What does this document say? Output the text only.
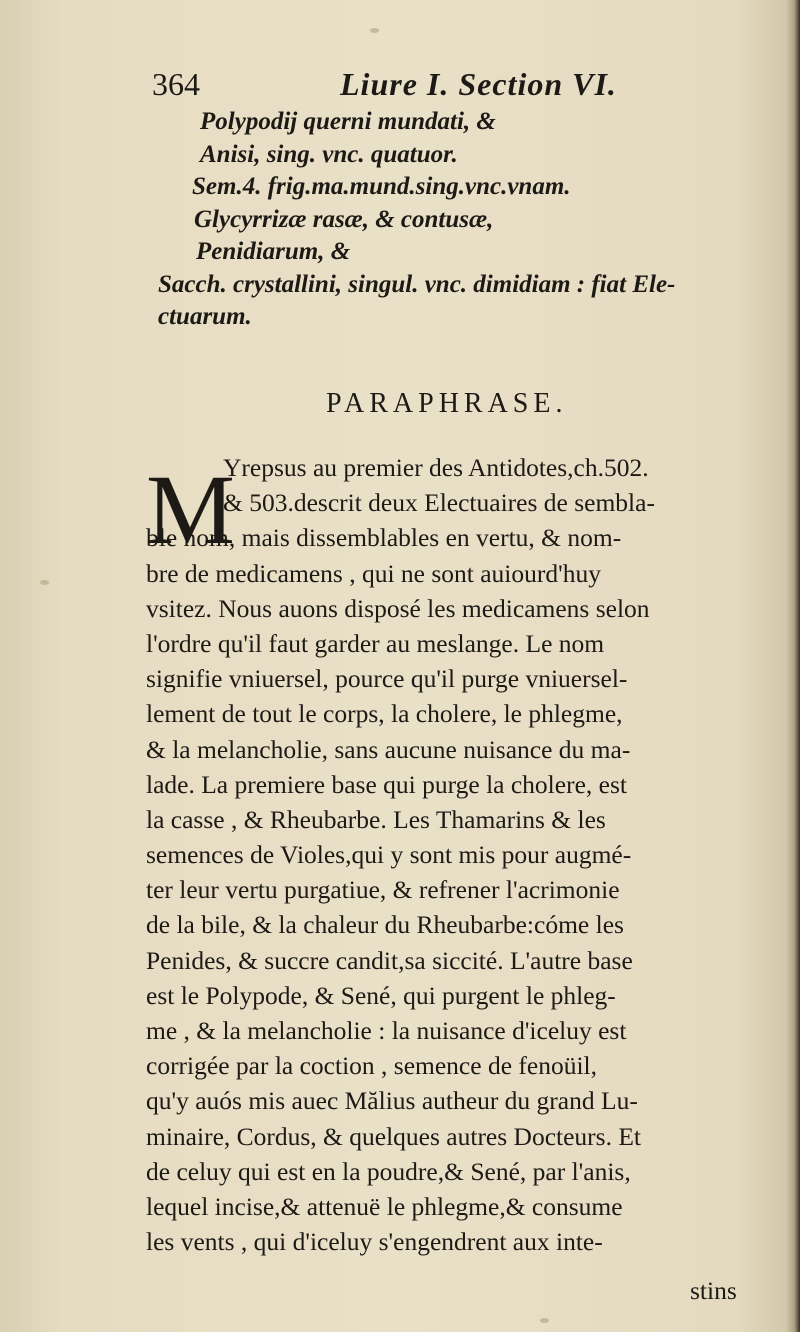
364	Liure I. Section VI.
Polypodij querni mundati, &
Anisi, sing. vnc. quatuor.
Sem.4. frig.ma.mund.sing.vnc.vnam.
Glycyrrizæ rasæ, & contusæ,
Penidiarum, &
Sacch. crystallini, singul. vnc. dimidiam : fiat Ele-
ctuarum.
PARAPHRASE.
M
Yrepsus au premier des Antidotes,ch.502.
& 503.descrit deux Electuaires de sembla-
ble nom, mais dissemblables en vertu, & nom-
bre de medicamens , qui ne sont auiourd'huy
vsitez. Nous auons disposé les medicamens selon
l'ordre qu'il faut garder au meslange. Le nom
signifie vniuersel, pource qu'il purge vniuersel-
lement de tout le corps, la cholere, le phlegme,
& la melancholie, sans aucune nuisance du ma-
lade. La premiere base qui purge la cholere, est
la casse , & Rheubarbe. Les Thamarins & les
semences de Violes,qui y sont mis pour augmé-
ter leur vertu purgatiue, & refrener l'acrimonie
de la bile, & la chaleur du Rheubarbe:cóme les
Penides, & succre candit,sa siccité. L'autre base
est le Polypode, & Sené, qui purgent le phleg-
me , & la melancholie : la nuisance d'iceluy est
corrigée par la coction , semence de fenoüil,
qu'y auós mis auec Mălius autheur du grand Lu-
minaire, Cordus, & quelques autres Docteurs. Et
de celuy qui est en la poudre,& Sené, par l'anis,
lequel incise,& attenuë le phlegme,& consume
les vents , qui d'iceluy s'engendrent aux inte-
stins
